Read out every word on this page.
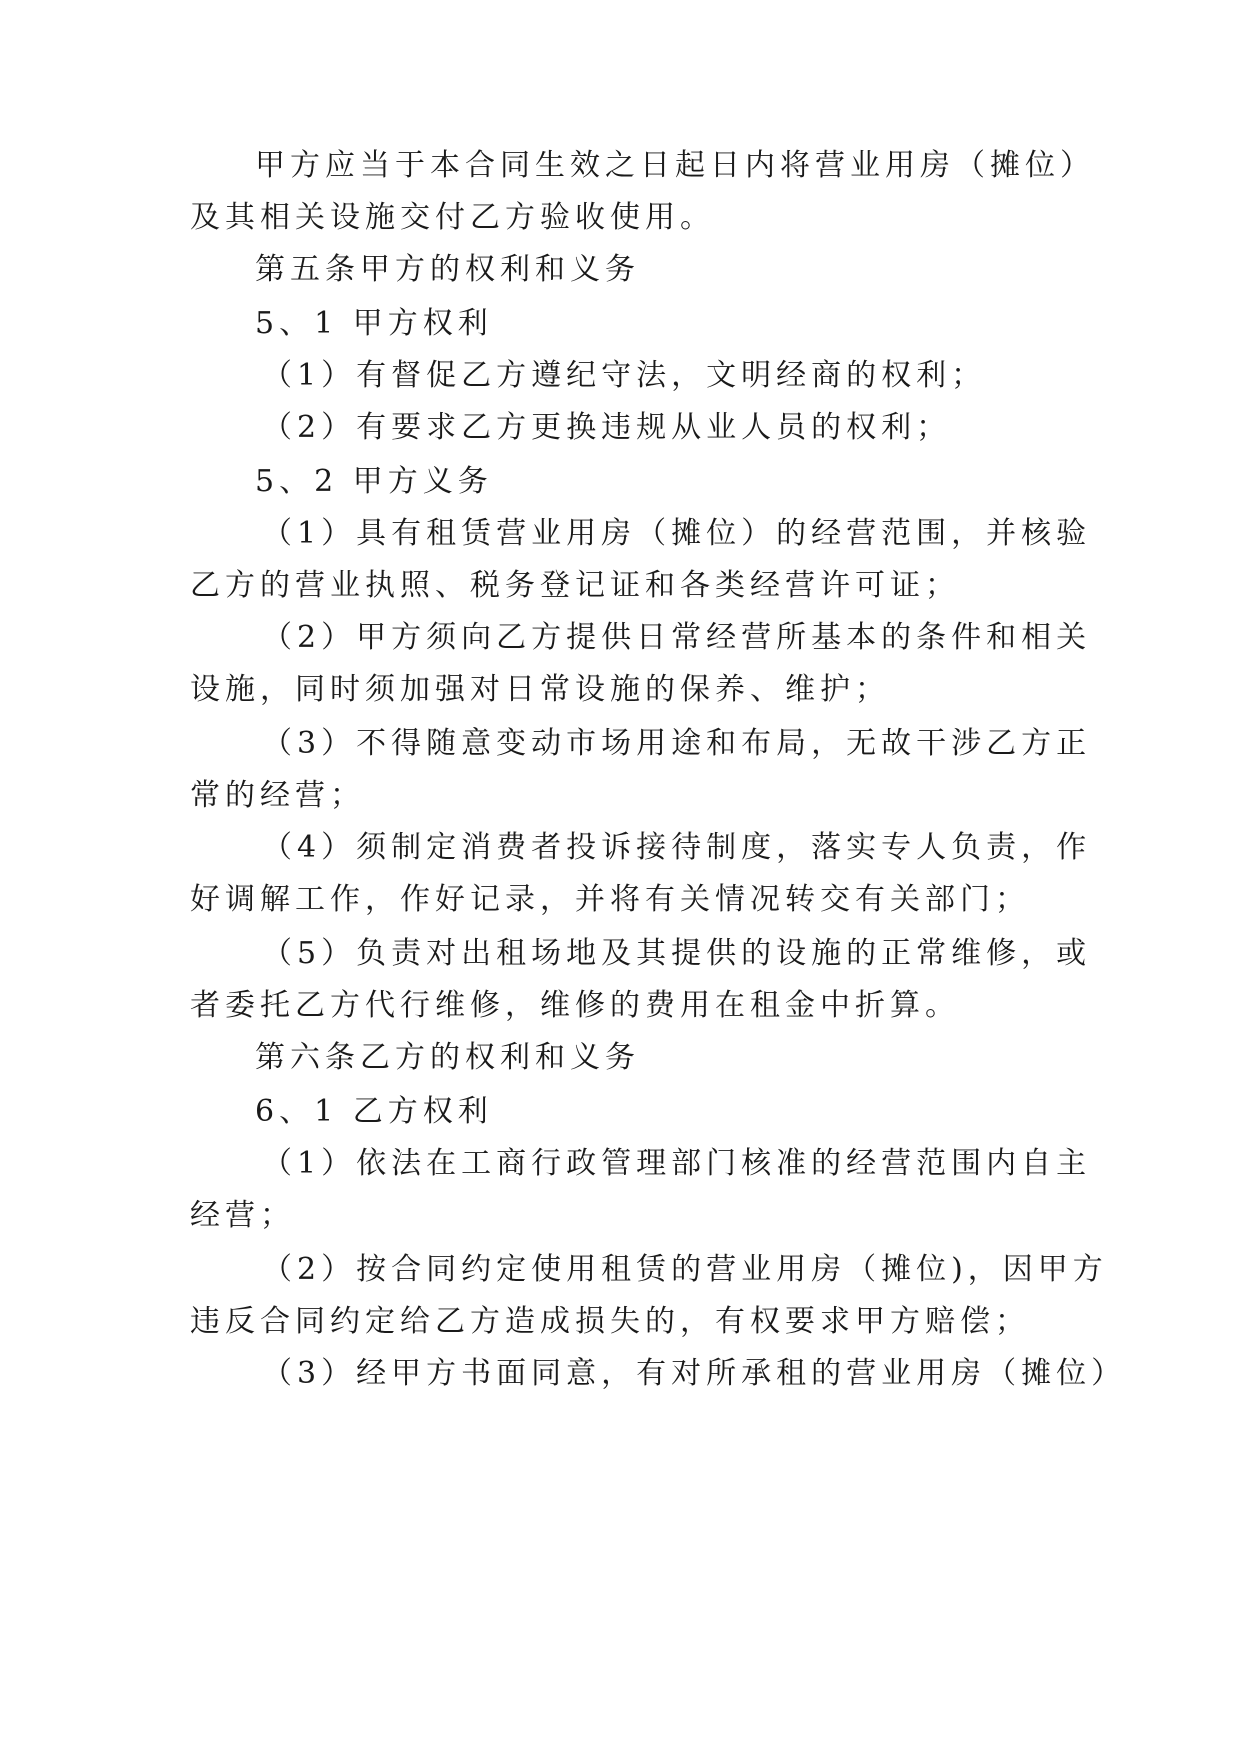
甲方应当于本合同生效之日起日内将营业用房（摊位）

及其相关设施交付乙方验收使用。

第五条甲方的权利和义务

5、1 甲方权利

（1）有督促乙方遵纪守法，文明经商的权利；

（2）有要求乙方更换违规从业人员的权利；

5、2 甲方义务

（1）具有租赁营业用房（摊位）的经营范围，并核验

乙方的营业执照、税务登记证和各类经营许可证；

（2）甲方须向乙方提供日常经营所基本的条件和相关

设施，同时须加强对日常设施的保养、维护；

（3）不得随意变动市场用途和布局，无故干涉乙方正

常的经营；

（4）须制定消费者投诉接待制度，落实专人负责，作

好调解工作，作好记录，并将有关情况转交有关部门；

（5）负责对出租场地及其提供的设施的正常维修，或

者委托乙方代行维修，维修的费用在租金中折算。

第六条乙方的权利和义务

6、1 乙方权利

（1）依法在工商行政管理部门核准的经营范围内自主

经营；

（2）按合同约定使用租赁的营业用房（摊位)，因甲方

违反合同约定给乙方造成损失的，有权要求甲方赔偿；

（3）经甲方书面同意，有对所承租的营业用房（摊位）
